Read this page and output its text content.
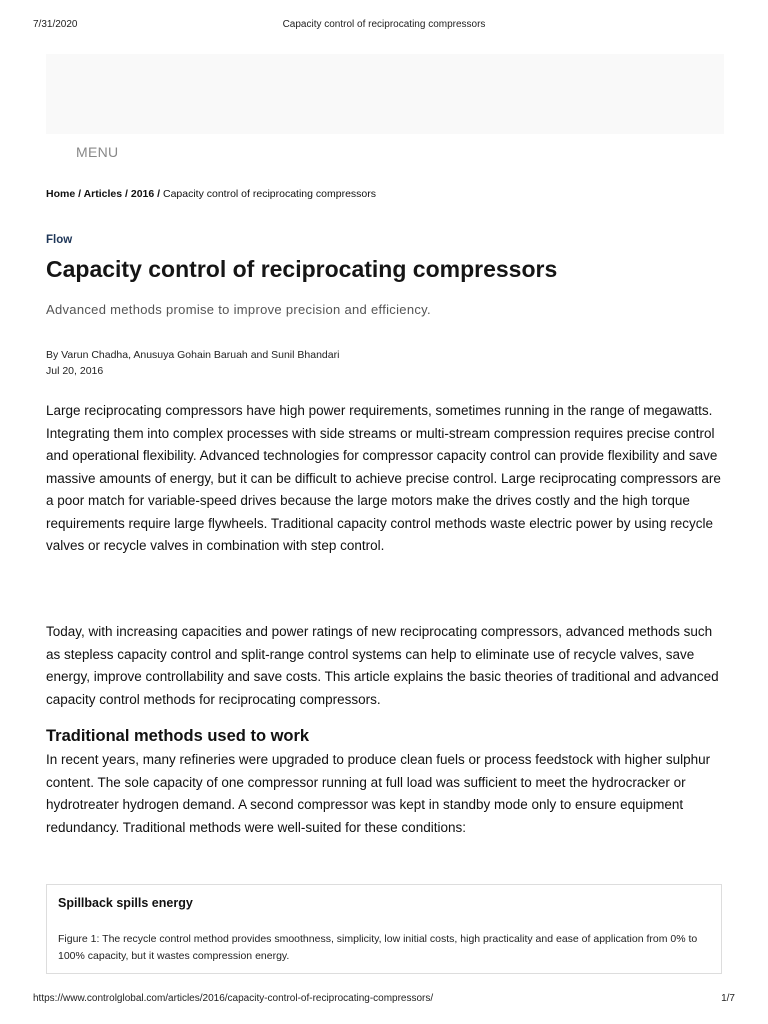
7/31/2020	Capacity control of reciprocating compressors
MENU
Home / Articles / 2016 / Capacity control of reciprocating compressors
Flow
Capacity control of reciprocating compressors
Advanced methods promise to improve precision and efficiency.
By Varun Chadha, Anusuya Gohain Baruah and Sunil Bhandari
Jul 20, 2016

Large reciprocating compressors have high power requirements, sometimes running in the range of megawatts. Integrating them into complex processes with side streams or multi-stream compression requires precise control and operational flexibility. Advanced technologies for compressor capacity control can provide flexibility and save massive amounts of energy, but it can be difficult to achieve precise control. Large reciprocating compressors are a poor match for variable-speed drives because the large motors make the drives costly and the high torque requirements require large flywheels. Traditional capacity control methods waste electric power by using recycle valves or recycle valves in combination with step control.

Today, with increasing capacities and power ratings of new reciprocating compressors, advanced methods such as stepless capacity control and split-range control systems can help to eliminate use of recycle valves, save energy, improve controllability and save costs. This article explains the basic theories of traditional and advanced capacity control methods for reciprocating compressors.

Traditional methods used to work

In recent years, many refineries were upgraded to produce clean fuels or process feedstock with higher sulphur content. The sole capacity of one compressor running at full load was sufficient to meet the hydrocracker or hydrotreater hydrogen demand. A second compressor was kept in standby mode only to ensure equipment redundancy. Traditional methods were well-suited for these conditions:

Spillback spills energy
Figure 1: The recycle control method provides smoothness, simplicity, low initial costs, high practicality and ease of application from 0% to 100% capacity, but it wastes compression energy.
https://www.controlglobal.com/articles/2016/capacity-control-of-reciprocating-compressors/	1/7
